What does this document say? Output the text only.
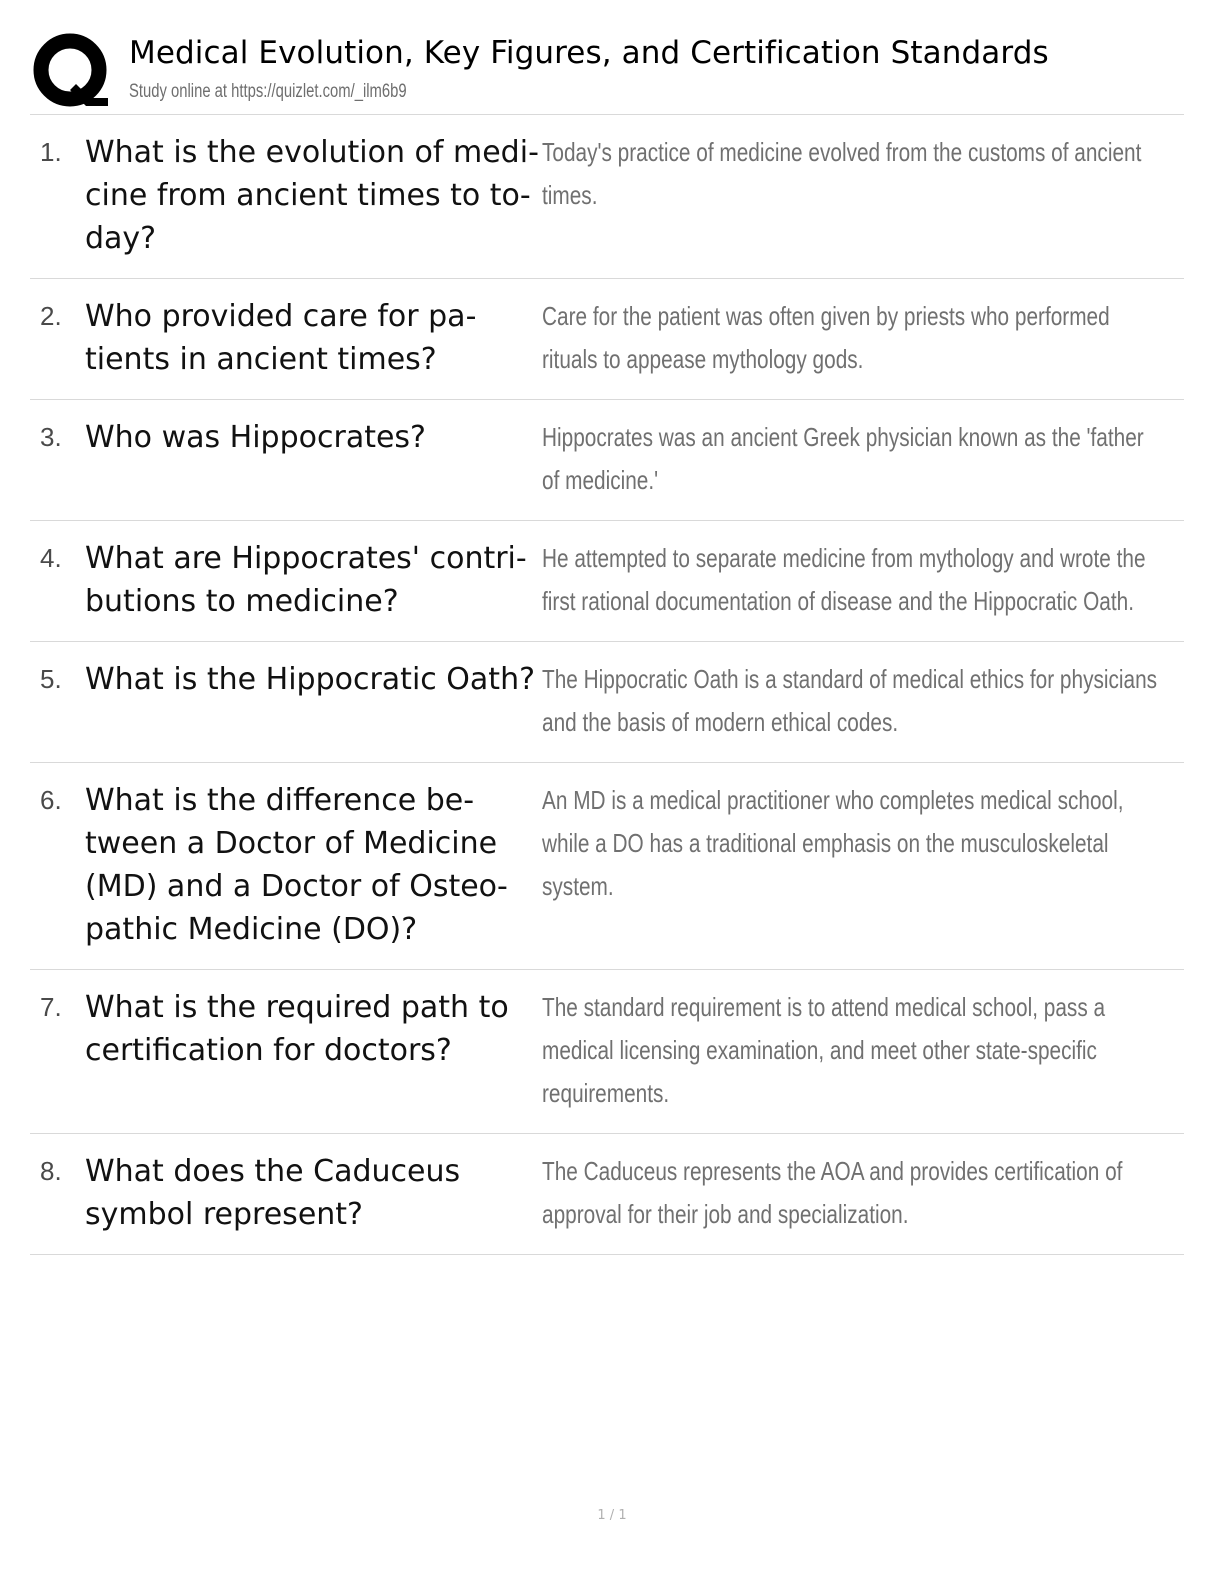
Medical Evolution, Key Figures, and Certification Standards
Study online at https://quizlet.com/_ilm6b9
1. What is the evolution of medicine from ancient times to today?
Today's practice of medicine evolved from the customs of ancient times.
2. Who provided care for patients in ancient times?
Care for the patient was often given by priests who performed rituals to appease mythology gods.
3. Who was Hippocrates?	Hippocrates was an ancient Greek physician known as the 'father of medicine.'
4. What are Hippocrates' contributions to medicine?
He attempted to separate medicine from mythology and wrote the first rational documentation of disease and the Hippocratic Oath.
5. What is the Hippocratic Oath? The Hippocratic Oath is a standard of medical ethics for physicians and the basis of modern ethical codes.
6. What is the difference between a Doctor of Medicine (MD) and a Doctor of Osteopathic Medicine (DO)?
An MD is a medical practitioner who completes medical school, while a DO has a traditional emphasis on the musculoskeletal system.
7. What is the required path to certification for doctors?
The standard requirement is to attend medical school, pass a medical licensing examination, and meet other state-specific requirements.
8. What does the Caduceus symbol represent?
The Caduceus represents the AOA and provides certification of approval for their job and specialization.
1 / 1
